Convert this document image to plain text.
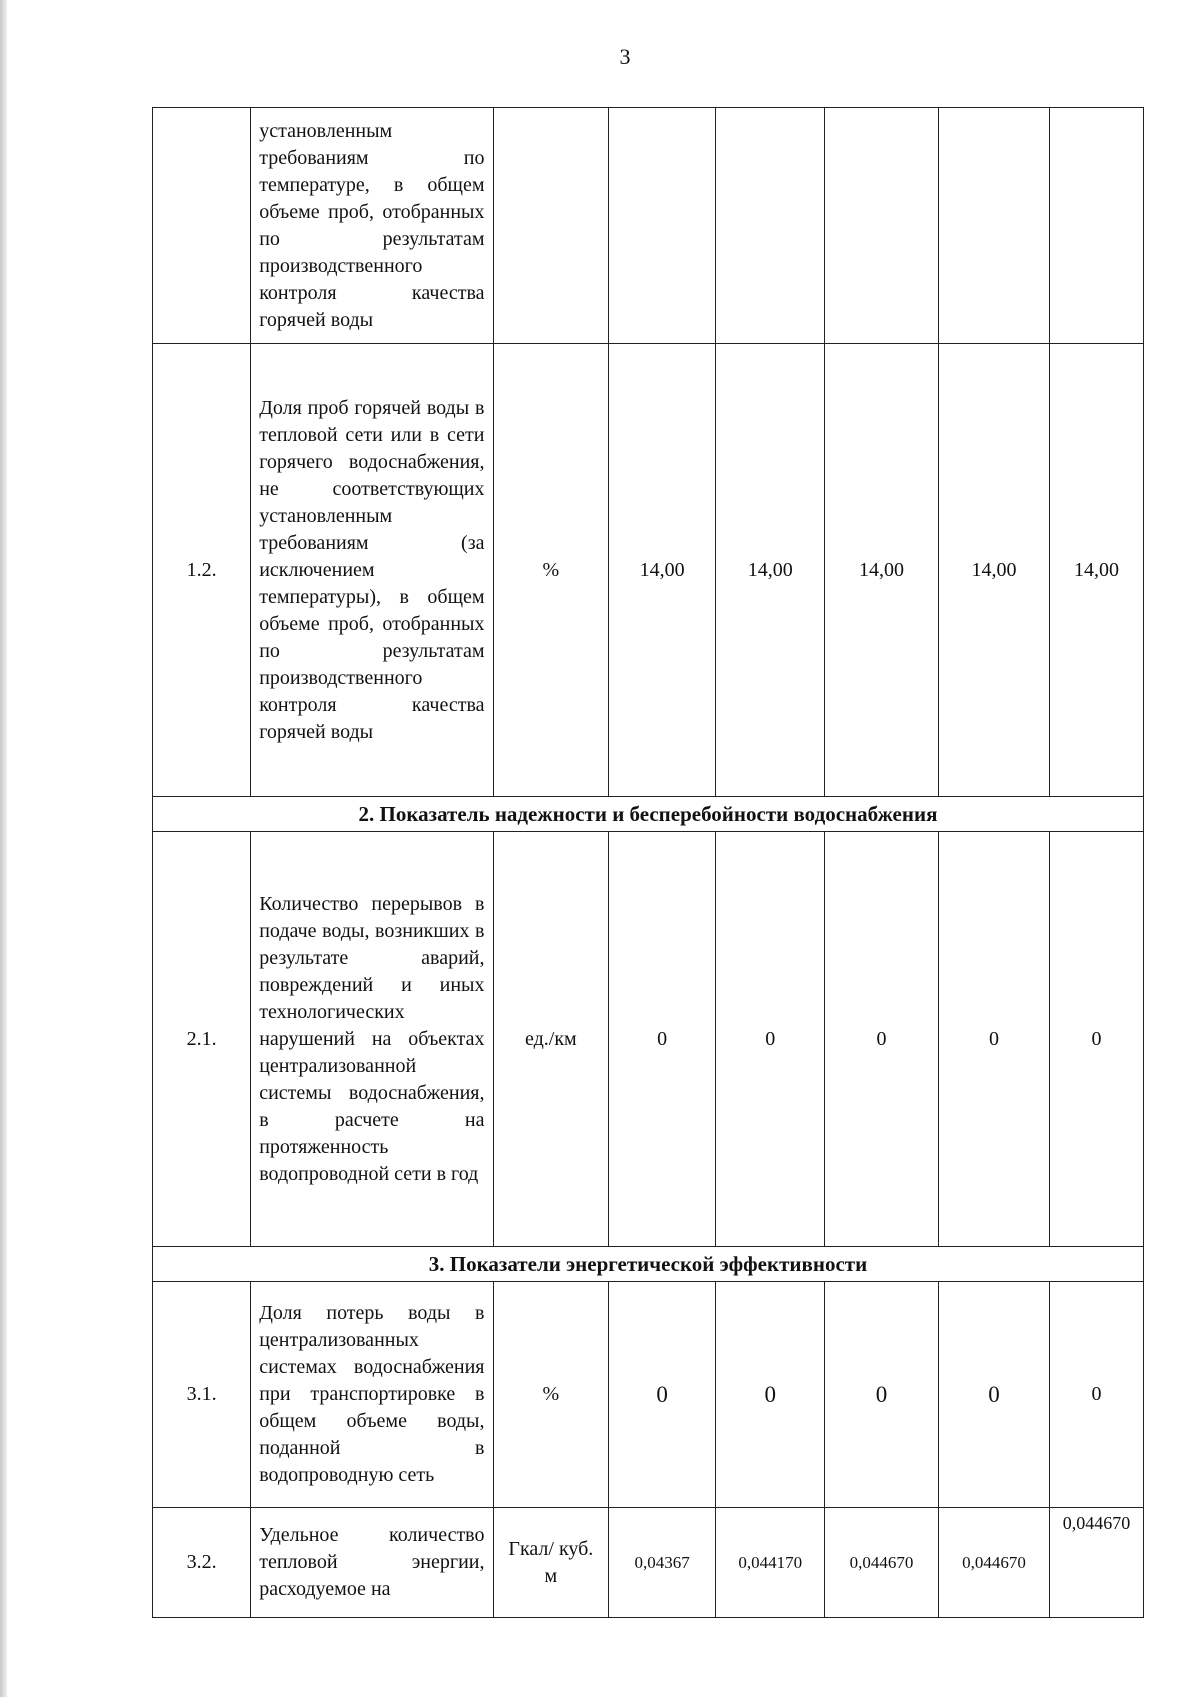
3
	установленным требованиям по температуре, в общем объеме проб, отобранных по результатам производственного контроля качества горячей воды						
1.2.	Доля проб горячей воды в тепловой сети или в сети горячего водоснабжения, не соответствующих установленным требованиям (за исключением температуры), в общем объеме проб, отобранных по результатам производственного контроля качества горячей воды	%	14,00	14,00	14,00	14,00	14,00
2. Показатель надежности и бесперебойности водоснабжения							
2.1.	Количество перерывов в подаче воды, возникших в результате аварий, повреждений и иных технологических нарушений на объектах централизованной системы водоснабжения, в расчете на протяженность водопроводной сети в год	ед./км	0	0	0	0	0
3. Показатели энергетической эффективности							
3.1.	Доля потерь воды в централизованных системах водоснабжения при транспортировке в общем объеме воды, поданной в водопроводную сеть	%	0	0	0	0	0
3.2.	Удельное количество тепловой энергии, расходуемое на	Гкал/ куб. м	0,04367	0,044170	0,044670	0,044670	0,044670
